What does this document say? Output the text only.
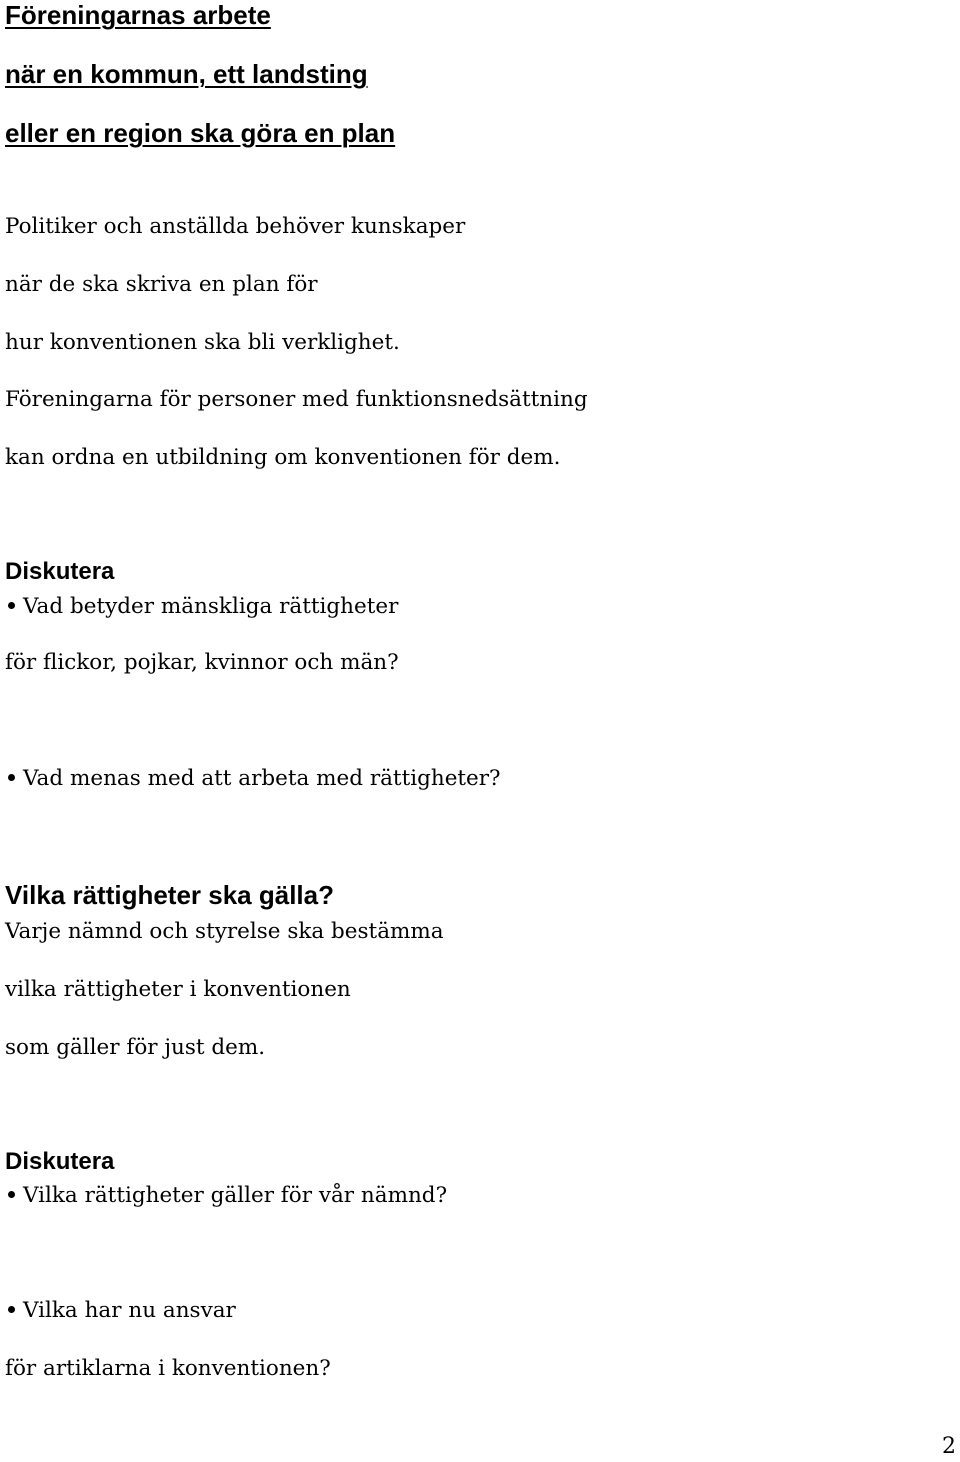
Föreningarnas arbete
när en kommun, ett landsting
eller en region ska göra en plan

Politiker och anställda behöver kunskaper

när de ska skriva en plan för

hur konventionen ska bli verklighet.

Föreningarna för personer med funktionsnedsättning

kan ordna en utbildning om konventionen för dem.

Diskutera
Vad betyder mänskliga rättigheter

för flickor, pojkar, kvinnor och män?

Vad menas med att arbeta med rättigheter?
Vilka rättigheter ska gälla?

Varje nämnd och styrelse ska bestämma

vilka rättigheter i konventionen

som gäller för just dem.

Diskutera
Vilka rättigheter gäller för vår nämnd?
Vilka har nu ansvar

för artiklarna i konventionen?

2
